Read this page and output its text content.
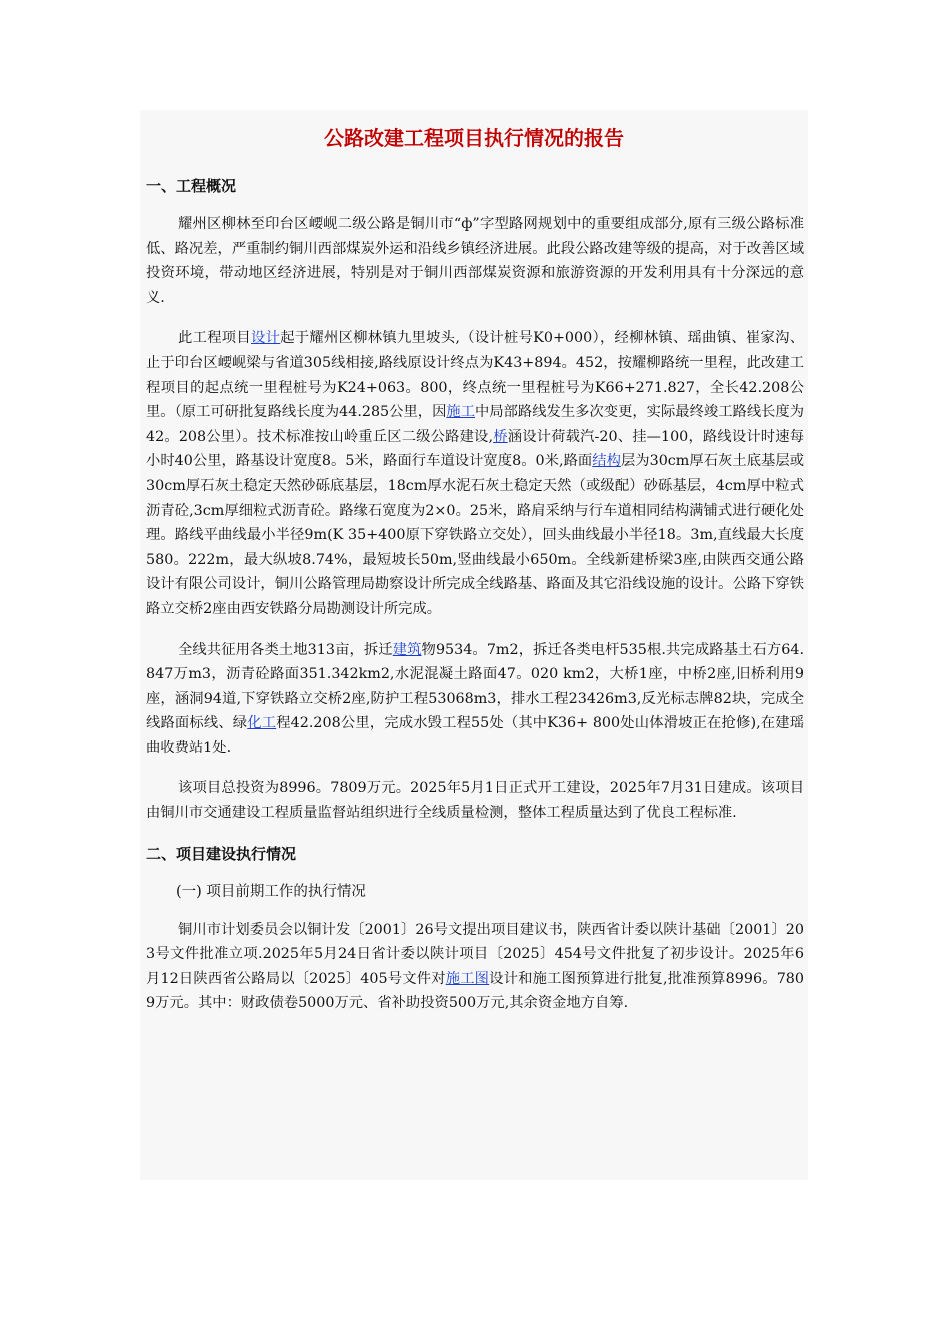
公路改建工程项目执行情况的报告
一、工程概况

耀州区柳林至印台区崾岘二级公路是铜川市“ф”字型路网规划中的重要组成部分,原有三级公路标准低、路况差，严重制约铜川西部煤炭外运和沿线乡镇经济进展。此段公路改建等级的提高，对于改善区域投资环境，带动地区经济进展，特别是对于铜川西部煤炭资源和旅游资源的开发利用具有十分深远的意义.

此工程项目设计起于耀州区柳林镇九里坡头,（设计桩号K0+000），经柳林镇、瑶曲镇、崔家沟、止于印台区崾岘梁与省道305线相接,路线原设计终点为K43+894。452，按耀柳路统一里程，此改建工程项目的起点统一里程桩号为K24+063。800，终点统一里程桩号为K66+271.827，全长42.208公里。（原工可研批复路线长度为44.285公里，因施工中局部路线发生多次变更，实际最终竣工路线长度为42。208公里）。技术标准按山岭重丘区二级公路建设,桥涵设计荷载汽-20、挂—100，路线设计时速每小时40公里，路基设计宽度8。5米，路面行车道设计宽度8。0米,路面结构层为30cm厚石灰土底基层或30cm厚石灰土稳定天然砂砾底基层，18cm厚水泥石灰土稳定天然（或级配）砂砾基层，4cm厚中粒式沥青砼,3cm厚细粒式沥青砼。路缘石宽度为2×0。25米，路肩采纳与行车道相同结构满铺式进行硬化处理。路线平曲线最小半径9m(K 35+400原下穿铁路立交处），回头曲线最小半径18。3m,直线最大长度580。222m，最大纵坡8.74%，最短坡长50m,竖曲线最小650m。全线新建桥梁3座,由陕西交通公路设计有限公司设计，铜川公路管理局勘察设计所完成全线路基、路面及其它沿线设施的设计。公路下穿铁路立交桥2座由西安铁路分局勘测设计所完成。

全线共征用各类土地313亩，拆迁建筑物9534。7m2，拆迁各类电杆535根.共完成路基土石方64.847万m3，沥青砼路面351.342km2,水泥混凝土路面47。020 km2，大桥1座，中桥2座,旧桥利用9座，涵洞94道,下穿铁路立交桥2座,防护工程53068m3，排水工程23426m3,反光标志牌82块，完成全线路面标线、绿化工程42.208公里，完成水毁工程55处（其中K36+ 800处山体滑坡正在抢修),在建瑶曲收费站1处.

该项目总投资为8996。7809万元。2025年5月1日正式开工建设，2025年7月31日建成。该项目由铜川市交通建设工程质量监督站组织进行全线质量检测，整体工程质量达到了优良工程标准.

二、项目建设执行情况
(一) 项目前期工作的执行情况

铜川市计划委员会以铜计发〔2001〕26号文提出项目建议书，陕西省计委以陕计基础〔2001〕203号文件批准立项.2025年5月24日省计委以陕计项目〔2025〕454号文件批复了初步设计。2025年6月12日陕西省公路局以〔2025〕405号文件对施工图设计和施工图预算进行批复,批准预算8996。7809万元。其中：财政债卷5000万元、省补助投资500万元,其余资金地方自筹.
